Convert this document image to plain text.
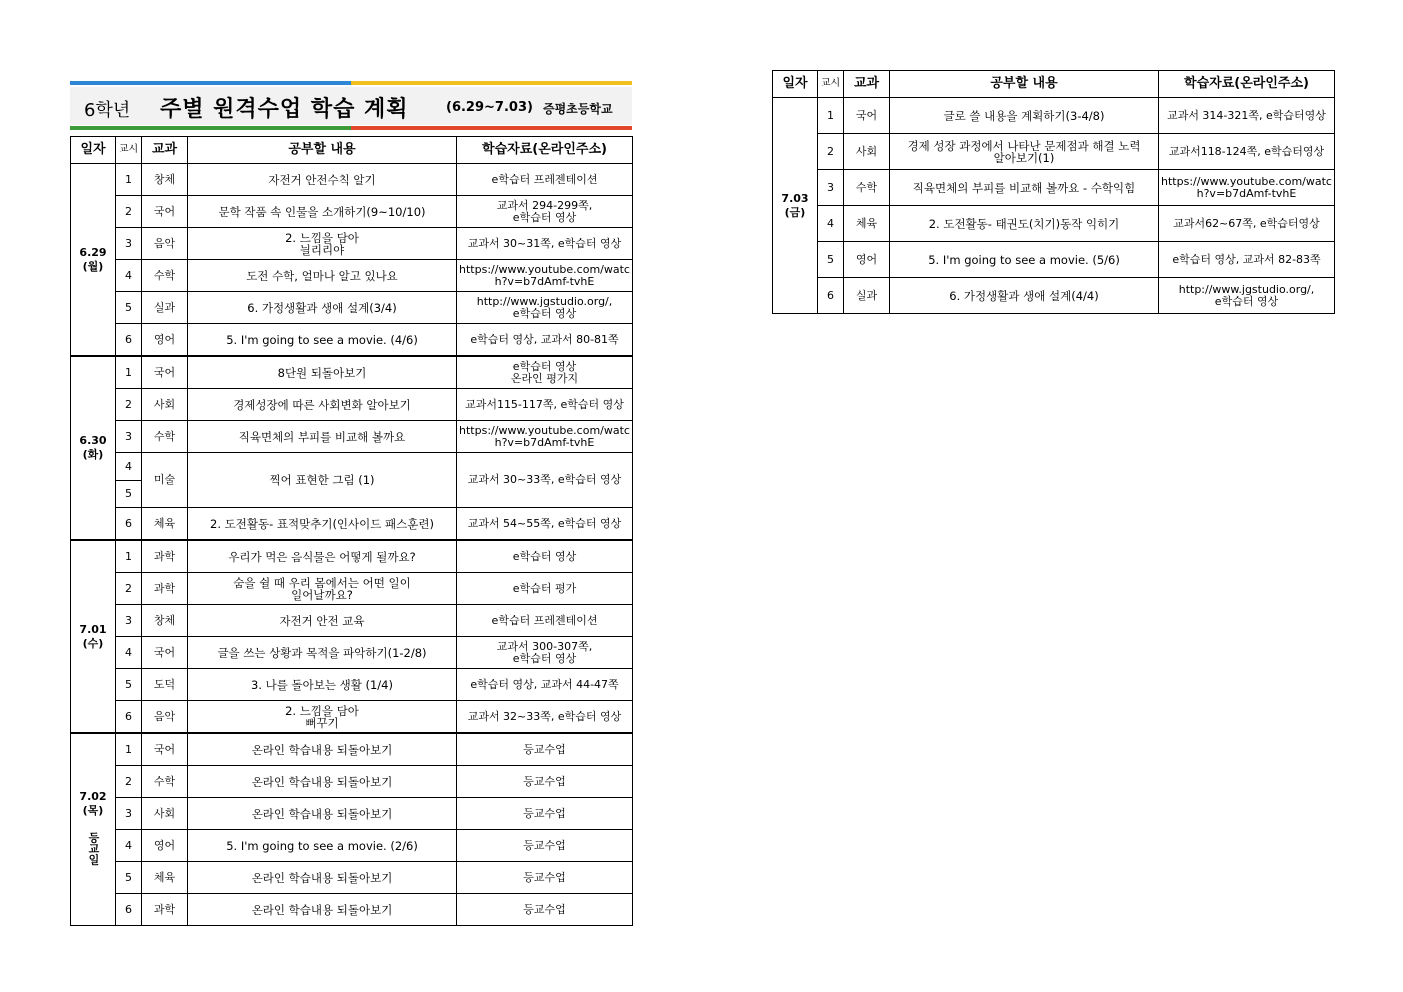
6학년 주별 원격수업 학습 계획	(6.29~7.03) 증평초등학교
일자	교시	교과	공부할 내용	학습자료(온라인주소)

6.29
(월)	1	창체	자전거 안전수칙 알기	e학습터 프레젠테이션
	2	국어	문학 작품 속 인물을 소개하기(9~10/10)	교과서 294-299쪽,
e학습터 영상
	3	음악	2. 느낌을 담아
늴리리야	교과서 30~31쪽, e학습터 영상
	4	수학	도전 수학, 얼마나 알고 있나요	https://www.youtube.com/watc
h?v=b7dAmf-tvhE
	5	실과	6. 가정생활과 생애 설계(3/4)	http://www.jgstudio.org/,
e학습터 영상
	6	영어	5. I'm going to see a movie. (4/6)	e학습터 영상, 교과서 80-81쪽

6.30
(화)	1	국어	8단원 되돌아보기	e학습터 영상
온라인 평가지
	2	사회	경제성장에 따른 사회변화 알아보기	교과서115-117쪽, e학습터 영상
	3	수학	직육면체의 부피를 비교해 볼까요	https://www.youtube.com/watc
h?v=b7dAmf-tvhE
	4	미술	찍어 표현한 그림 (1)	교과서 30~33쪽, e학습터 영상
	5			
	6	체육	2. 도전활동- 표적맞추기(인사이드 패스훈련)	교과서 54~55쪽, e학습터 영상

7.01
(수)	1	과학	우리가 먹은 음식물은 어떻게 될까요?	e학습터 영상
	2	과학	숨을 쉴 때 우리 몸에서는 어떤 일이
일어날까요?	e학습터 평가
	3	창체	자전거 안전 교육	e학습터 프레젠테이션
	4	국어	글을 쓰는 상황과 목적을 파악하기(1-2/8)	교과서 300-307쪽,
e학습터 영상
	5	도덕	3. 나를 돌아보는 생활 (1/4)	e학습터 영상, 교과서 44-47쪽
	6	음악	2. 느낌을 담아
뻐꾸기	교과서 32~33쪽, e학습터 영상

7.02
(목)
등교일	1	국어	온라인 학습내용 되돌아보기	등교수업
	2	수학	온라인 학습내용 되돌아보기	등교수업
	3	사회	온라인 학습내용 되돌아보기	등교수업
	4	영어	5. I'm going to see a movie. (2/6)	등교수업
	5	체육	온라인 학습내용 되돌아보기	등교수업
	6	과학	온라인 학습내용 되돌아보기	등교수업
일자	교시	교과	공부할 내용	학습자료(온라인주소)

7.03
(금)	1	국어	글로 쓸 내용을 계획하기(3-4/8)	교과서 314-321쪽, e학습터영상
	2	사회	경제 성장 과정에서 나타난 문제점과 해결 노력
알아보기(1)	교과서118-124쪽, e학습터영상
	3	수학	직육면체의 부피를 비교해 볼까요 - 수학익힘	https://www.youtube.com/watc
h?v=b7dAmf-tvhE
	4	체육	2. 도전활동- 태권도(치기)동작 익히기	교과서62~67쪽, e학습터영상
	5	영어	5. I'm going to see a movie. (5/6)	e학습터 영상, 교과서 82-83쪽
	6	실과	6. 가정생활과 생애 설계(4/4)	http://www.jgstudio.org/,
e학습터 영상
